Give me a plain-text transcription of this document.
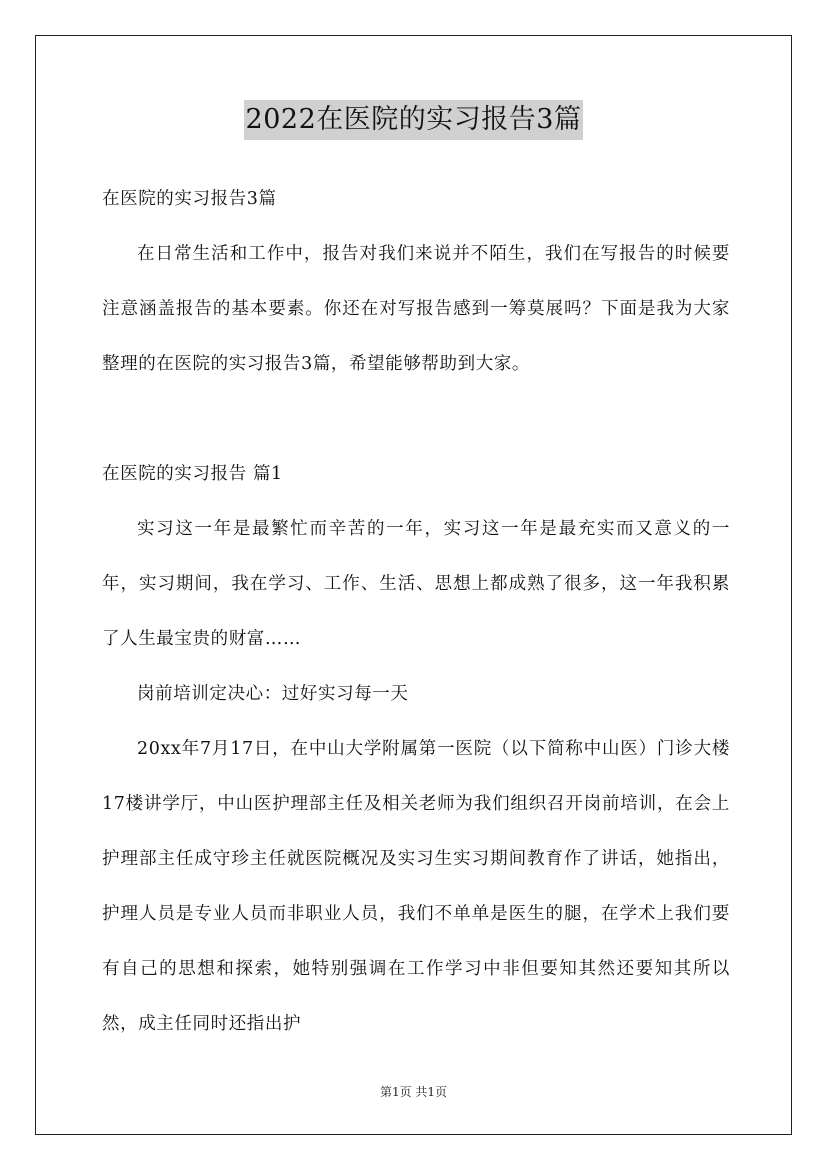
2022在医院的实习报告3篇

在医院的实习报告3篇

在日常生活和工作中，报告对我们来说并不陌生，我们在写报告的时候要注意涵盖报告的基本要素。你还在对写报告感到一筹莫展吗？下面是我为大家整理的在医院的实习报告3篇，希望能够帮助到大家。

在医院的实习报告 篇1

实习这一年是最繁忙而辛苦的一年，实习这一年是最充实而又意义的一年，实习期间，我在学习、工作、生活、思想上都成熟了很多，这一年我积累了人生最宝贵的财富……

岗前培训定决心：过好实习每一天

20xx年7月17日，在中山大学附属第一医院（以下简称中山医）门诊大楼17楼讲学厅，中山医护理部主任及相关老师为我们组织召开岗前培训，在会上护理部主任成守珍主任就医院概况及实习生实习期间教育作了讲话，她指出，护理人员是专业人员而非职业人员，我们不单单是医生的腿，在学术上我们要有自己的思想和探索，她特别强调在工作学习中非但要知其然还要知其所以然，成主任同时还指出护

第1页 共1页
